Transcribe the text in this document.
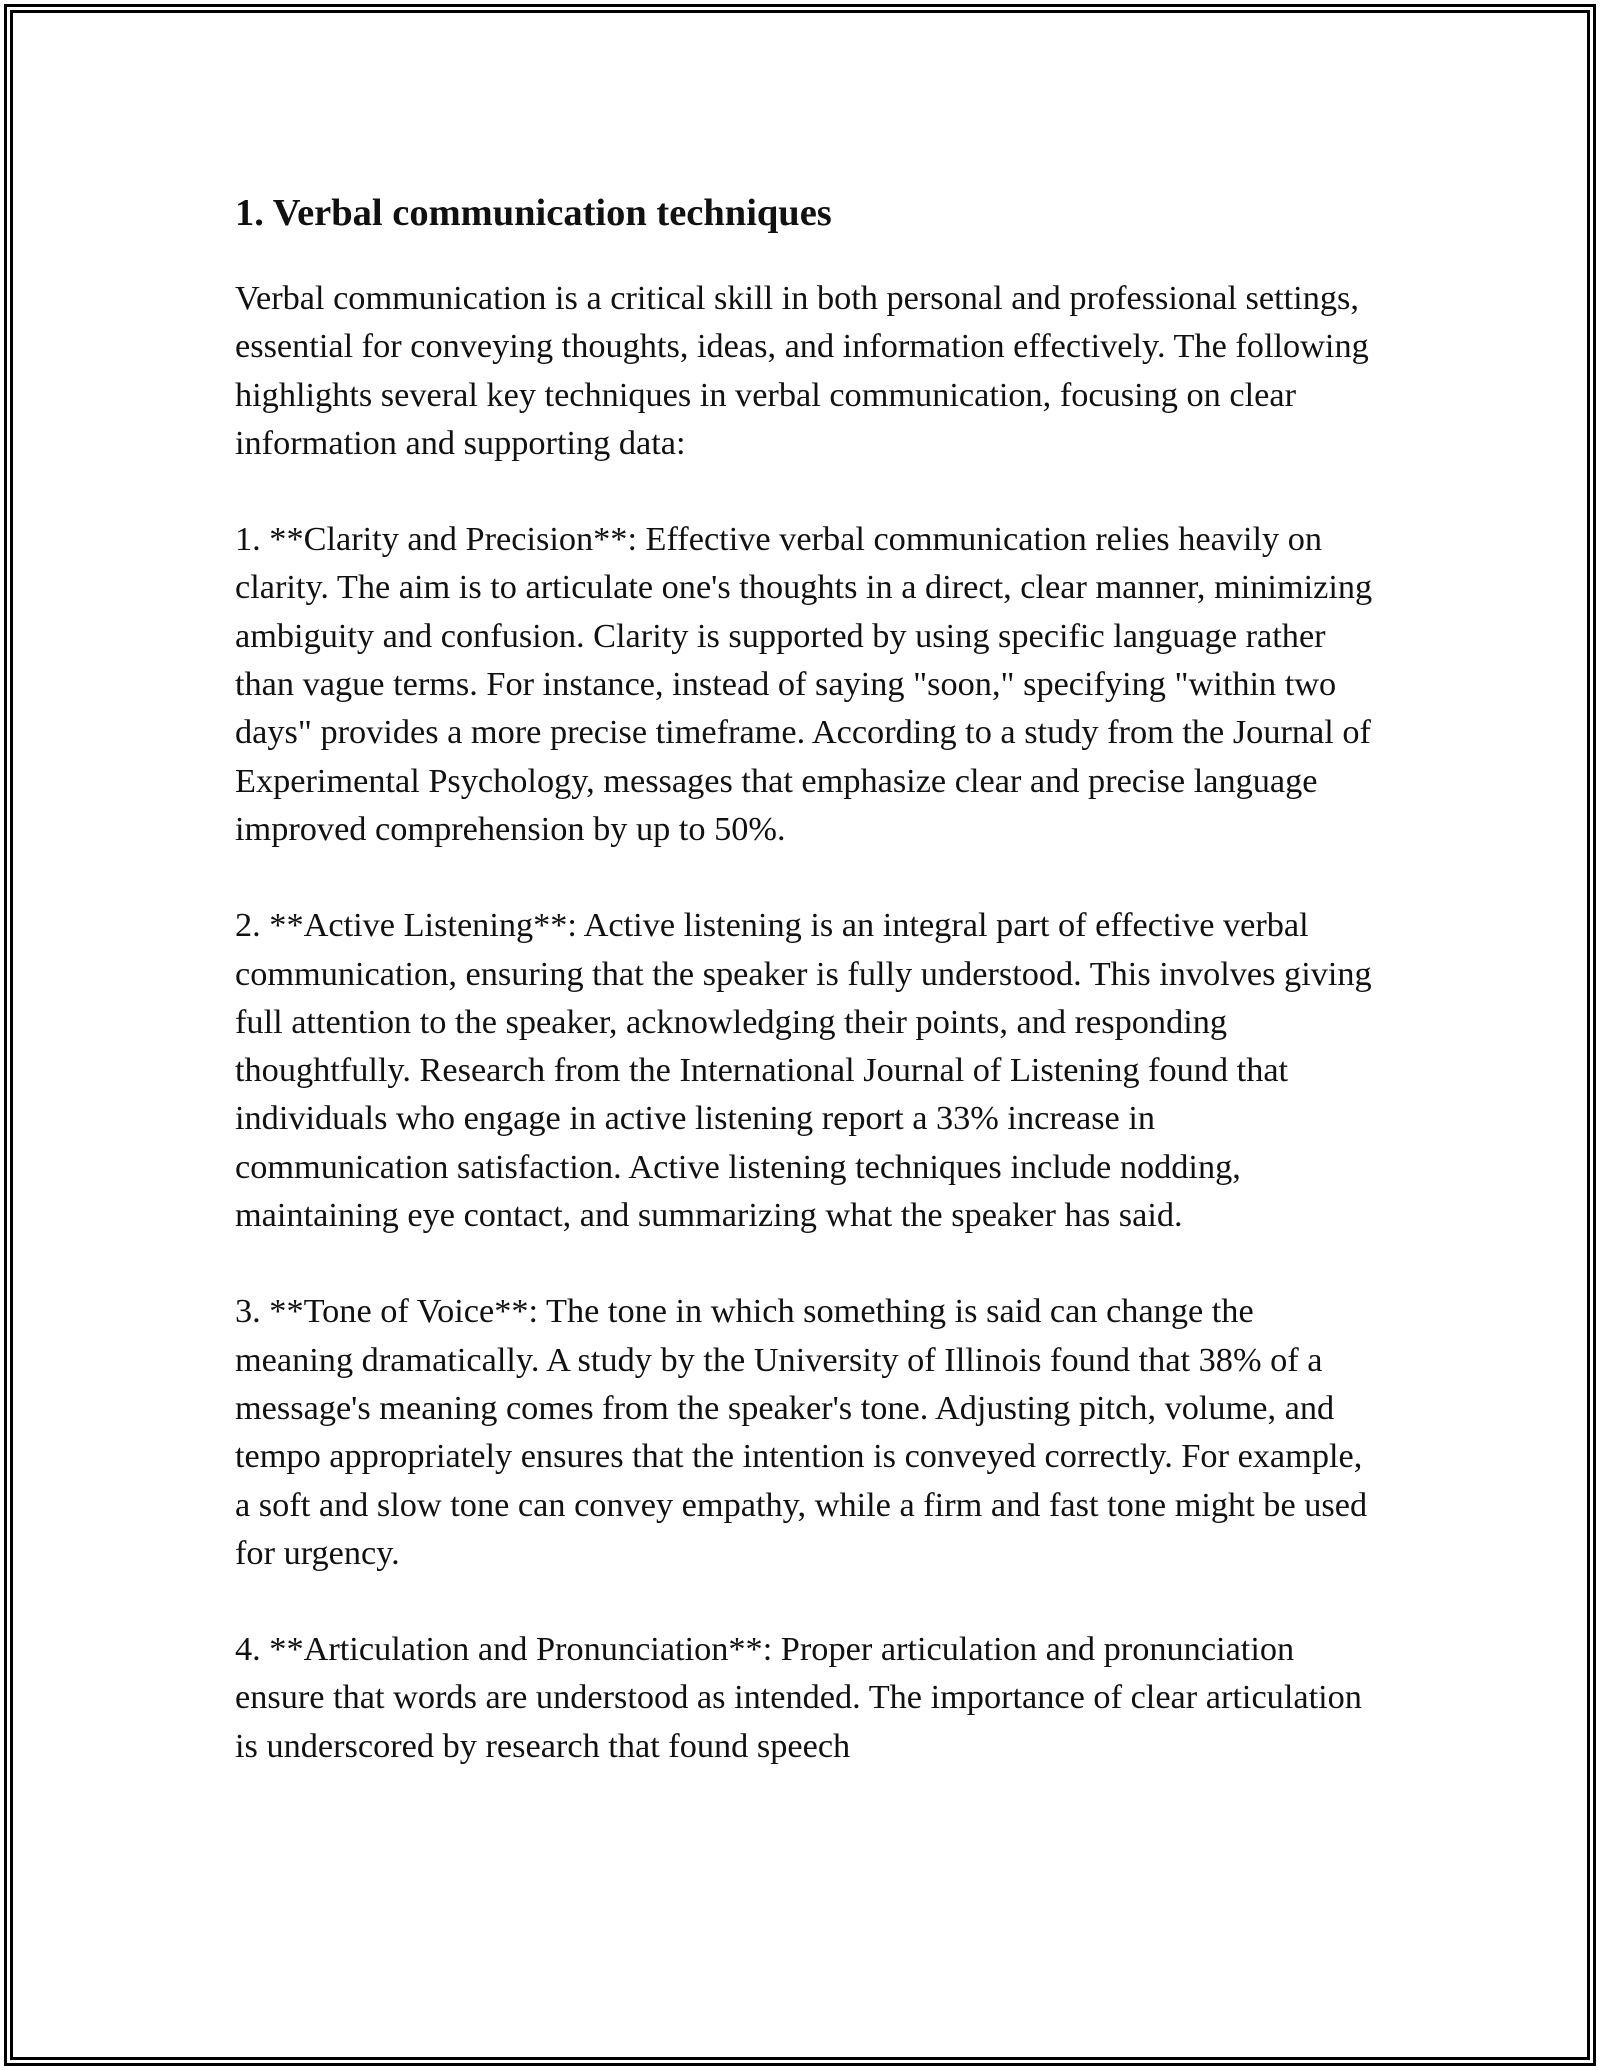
1. Verbal communication techniques

Verbal communication is a critical skill in both personal and professional settings, essential for conveying thoughts, ideas, and information effectively. The following highlights several key techniques in verbal communication, focusing on clear information and supporting data:

1. **Clarity and Precision**: Effective verbal communication relies heavily on clarity. The aim is to articulate one's thoughts in a direct, clear manner, minimizing ambiguity and confusion. Clarity is supported by using specific language rather than vague terms. For instance, instead of saying "soon," specifying "within two days" provides a more precise timeframe. According to a study from the Journal of Experimental Psychology, messages that emphasize clear and precise language improved comprehension by up to 50%.

2. **Active Listening**: Active listening is an integral part of effective verbal communication, ensuring that the speaker is fully understood. This involves giving full attention to the speaker, acknowledging their points, and responding thoughtfully. Research from the International Journal of Listening found that individuals who engage in active listening report a 33% increase in communication satisfaction. Active listening techniques include nodding, maintaining eye contact, and summarizing what the speaker has said.

3. **Tone of Voice**: The tone in which something is said can change the meaning dramatically. A study by the University of Illinois found that 38% of a message's meaning comes from the speaker's tone. Adjusting pitch, volume, and tempo appropriately ensures that the intention is conveyed correctly. For example, a soft and slow tone can convey empathy, while a firm and fast tone might be used for urgency.

4. **Articulation and Pronunciation**: Proper articulation and pronunciation ensure that words are understood as intended. The importance of clear articulation is underscored by research that found speech
